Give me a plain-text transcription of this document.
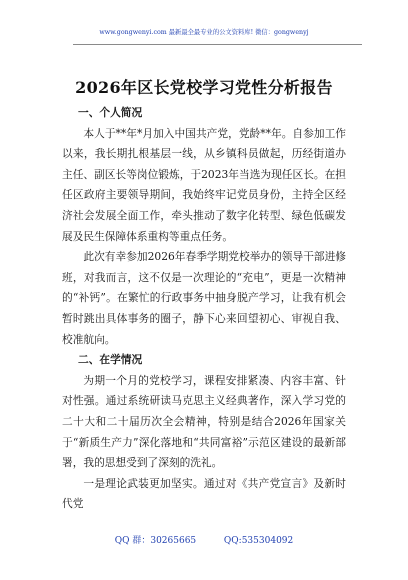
www.gongwenyi.com 最新最全最专业的公文资料库! 微信：gongwenyj
2026年区长党校学习党性分析报告

一、个人简况

本人于**年*月加入中国共产党，党龄**年。自参加工作以来，我长期扎根基层一线，从乡镇科员做起，历经街道办主任、副区长等岗位锻炼，于2023年当选为现任区长。在担任区政府主要领导期间，我始终牢记党员身份，主持全区经济社会发展全面工作，牵头推动了数字化转型、绿色低碳发展及民生保障体系重构等重点任务。

此次有幸参加2026年春季学期党校举办的领导干部进修班，对我而言，这不仅是一次理论的“充电”，更是一次精神的“补钙”。在繁忙的行政事务中抽身脱产学习，让我有机会暂时跳出具体事务的圈子，静下心来回望初心、审视自我、校准航向。

二、在学情况

为期一个月的党校学习，课程安排紧凑、内容丰富、针对性强。通过系统研读马克思主义经典著作，深入学习党的二十大和二十届历次全会精神，特别是结合2026年国家关于“新质生产力”深化落地和“共同富裕”示范区建设的最新部署，我的思想受到了深刻的洗礼。

一是理论武装更加坚实。通过对《共产党宣言》及新时代党

QQ 群：30265665	QQ:535304092
